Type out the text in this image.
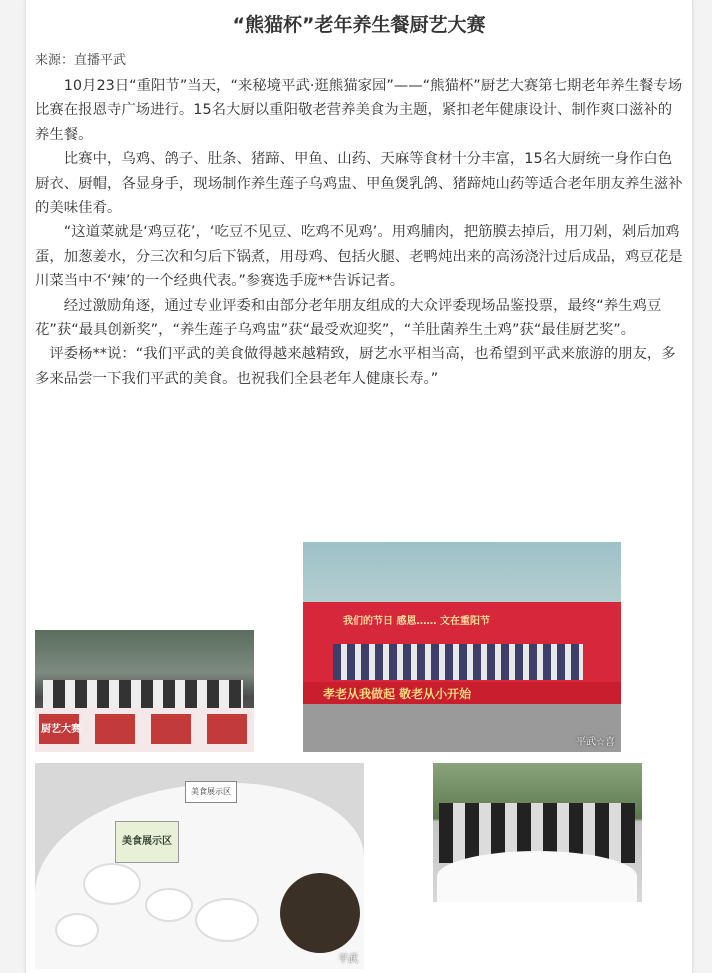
“熊猫杯”老年养生餐厨艺大赛
来源：直播平武

　　10月23日“重阳节”当天，“来秘境平武·逛熊猫家园”——“熊猫杯”厨艺大赛第七期老年养生餐专场比赛在报恩寺广场进行。15名大厨以重阳敬老营养美食为主题，紧扣老年健康设计、制作爽口滋补的养生餐。

　　比赛中，乌鸡、鸽子、肚条、猪蹄、甲鱼、山药、天麻等食材十分丰富，15名大厨统一身作白色厨衣、厨帽，各显身手，现场制作养生莲子乌鸡盅、甲鱼煲乳鸽、猪蹄炖山药等适合老年朋友养生滋补的美味佳肴。

　　“这道菜就是‘鸡豆花’，‘吃豆不见豆、吃鸡不见鸡’。用鸡脯肉，把筋膜去掉后，用刀剁，剁后加鸡蛋，加葱姜水，分三次和匀后下锅煮，用母鸡、包括火腿、老鸭炖出来的高汤浇汁过后成品，鸡豆花是川菜当中不‘辣’的一个经典代表。”参赛选手庞**告诉记者。

　　经过激励角逐，通过专业评委和由部分老年朋友组成的大众评委现场品鉴投票，最终“养生鸡豆花”获“最具创新奖”，“养生莲子乌鸡盅”获“最受欢迎奖”，“羊肚菌养生土鸡”获“最佳厨艺奖”。

　评委杨**说：“我们平武的美食做得越来越精致，厨艺水平相当高，也希望到平武来旅游的朋友，多多来品尝一下我们平武的美食。也祝我们全县老年人健康长寿。”

我们的节日 感恩…… 文在重阳节
孝老从我做起 敬老从小开始
平武☆喜
厨艺大赛
美食展示区
美食展示区
平武
